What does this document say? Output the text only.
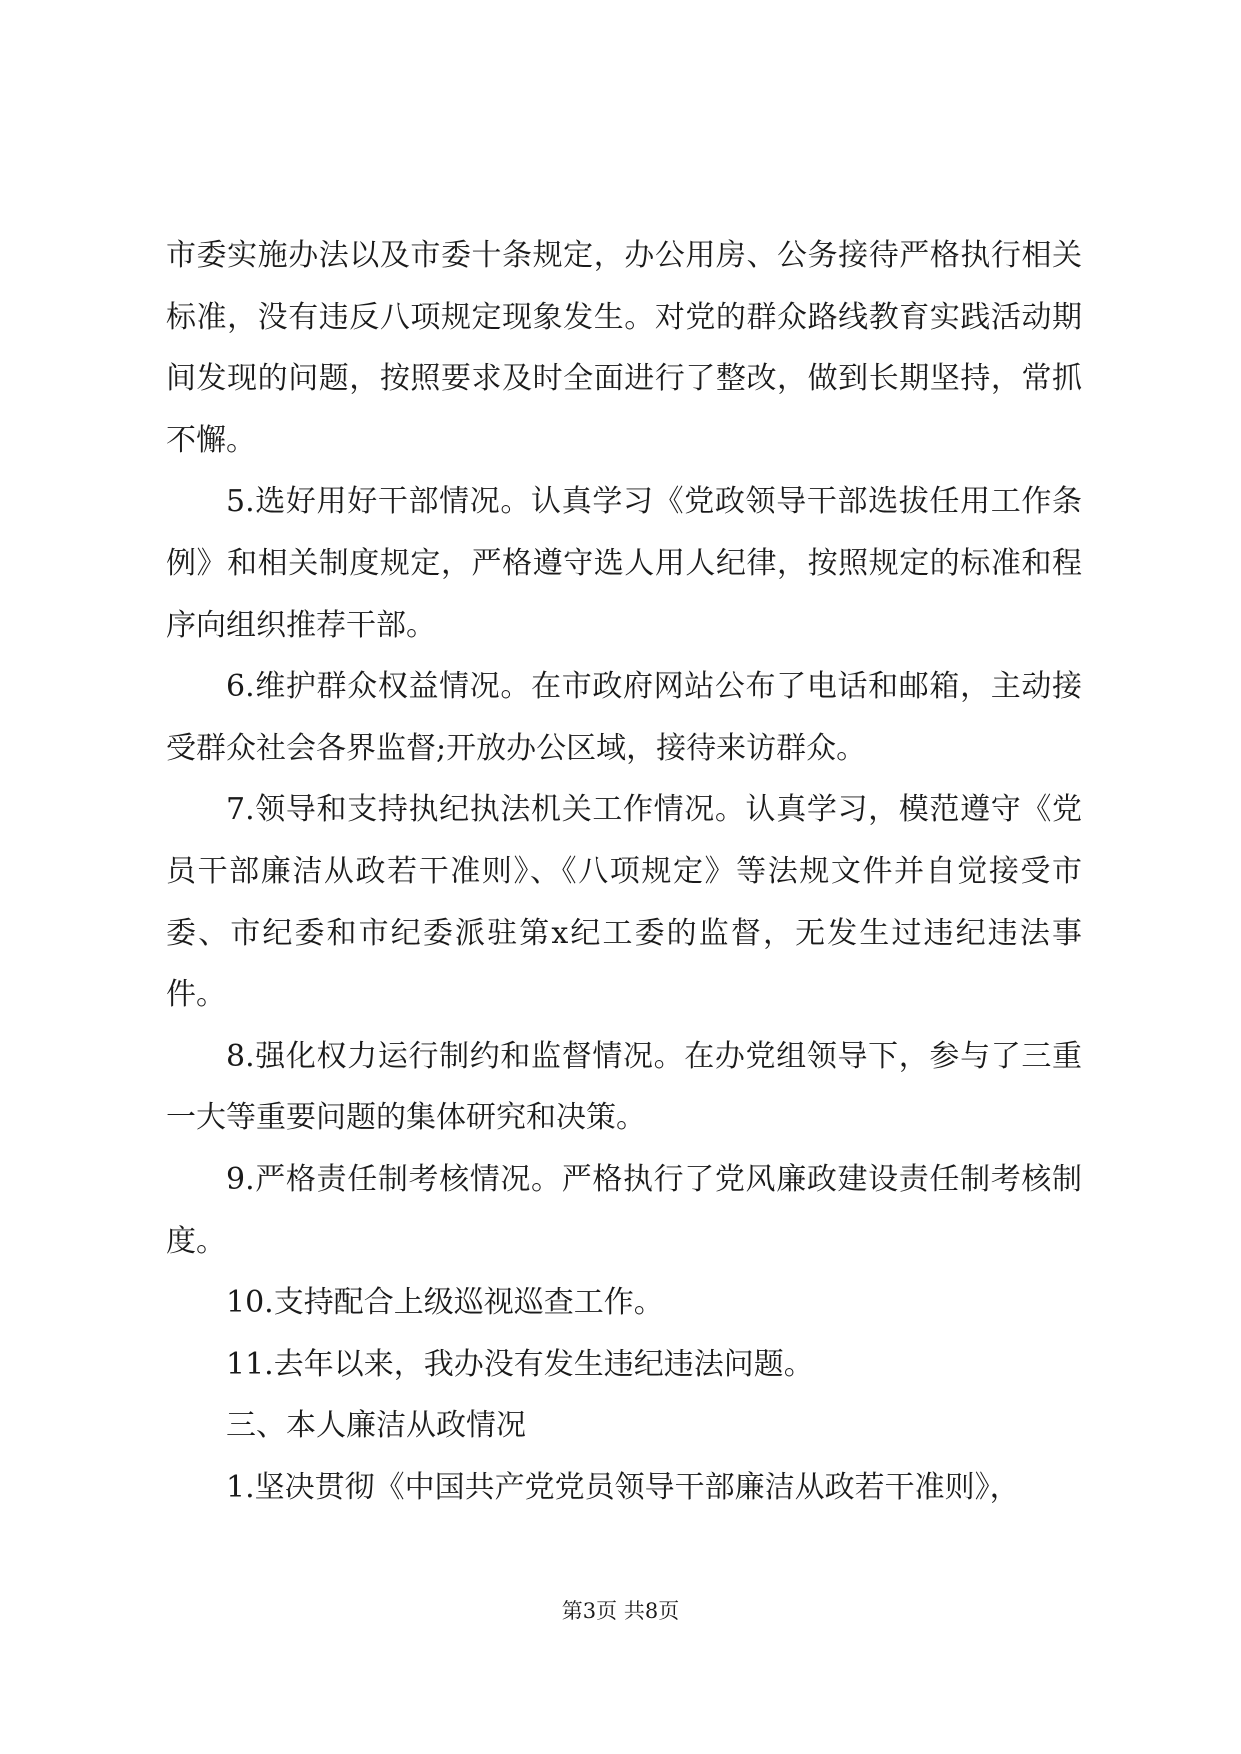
市委实施办法以及市委十条规定，办公用房、公务接待严格执行相关标准，没有违反八项规定现象发生。对党的群众路线教育实践活动期间发现的问题，按照要求及时全面进行了整改，做到长期坚持，常抓不懈。

5.选好用好干部情况。认真学习《党政领导干部选拔任用工作条例》和相关制度规定，严格遵守选人用人纪律，按照规定的标准和程序向组织推荐干部。

6.维护群众权益情况。在市政府网站公布了电话和邮箱，主动接受群众社会各界监督;开放办公区域，接待来访群众。

7.领导和支持执纪执法机关工作情况。认真学习，模范遵守《党员干部廉洁从政若干准则》、《八项规定》等法规文件并自觉接受市委、市纪委和市纪委派驻第x纪工委的监督，无发生过违纪违法事件。

8.强化权力运行制约和监督情况。在办党组领导下，参与了三重一大等重要问题的集体研究和决策。

9.严格责任制考核情况。严格执行了党风廉政建设责任制考核制度。

10.支持配合上级巡视巡查工作。

11.去年以来，我办没有发生违纪违法问题。

三、本人廉洁从政情况

1.坚决贯彻《中国共产党党员领导干部廉洁从政若干准则》，

第3页 共8页
